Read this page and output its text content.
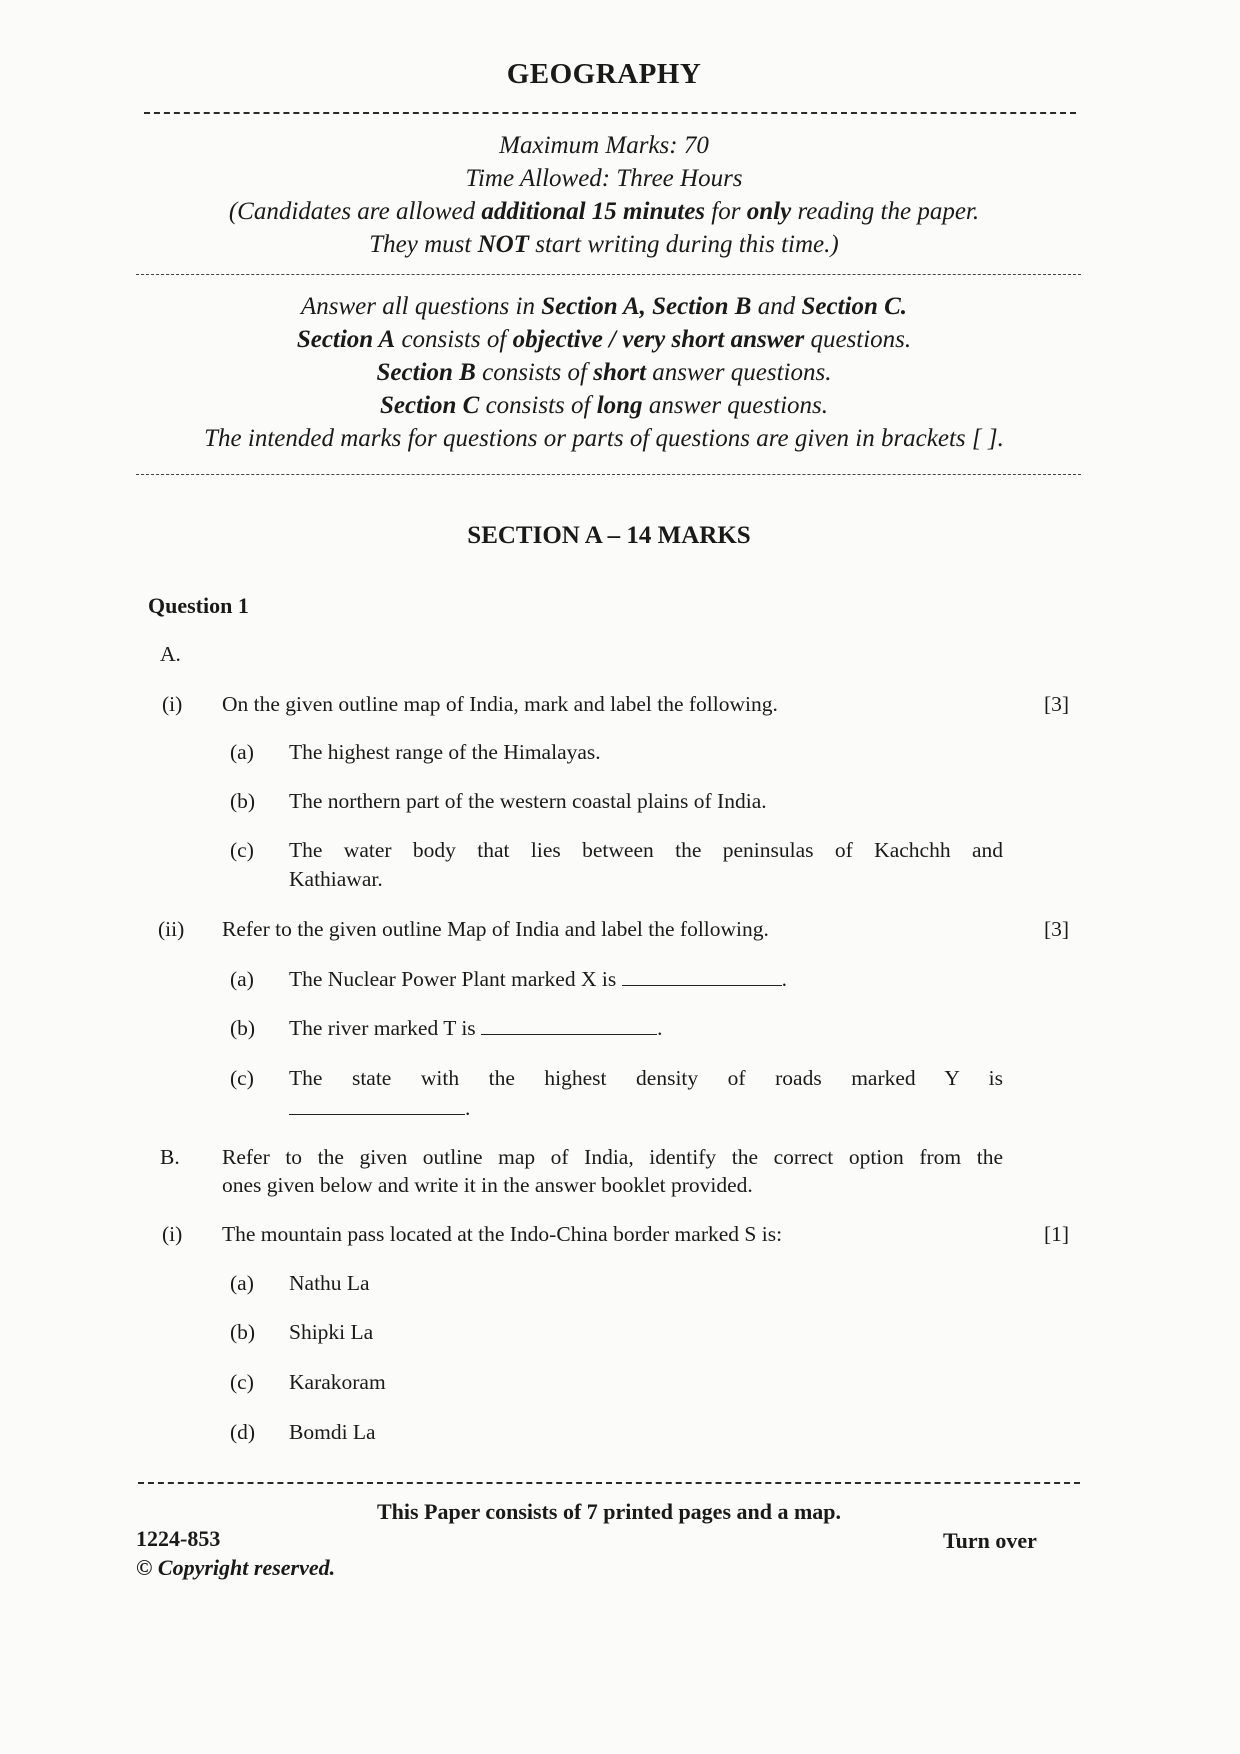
GEOGRAPHY
Maximum Marks: 70
Time Allowed: Three Hours
(Candidates are allowed additional 15 minutes for only reading the paper.
They must NOT start writing during this time.)
Answer all questions in Section A, Section B and Section C.
Section A consists of objective / very short answer questions.
Section B consists of short answer questions.
Section C consists of long answer questions.
The intended marks for questions or parts of questions are given in brackets [ ].
SECTION A – 14 MARKS
Question 1
A.
(i) On the given outline map of India, mark and label the following.	[3]
(a) The highest range of the Himalayas.
(b) The northern part of the western coastal plains of India.
(c) The water body that lies between the peninsulas of Kachchh and
Kathiawar.
(ii) Refer to the given outline Map of India and label the following.	[3]
(a) The Nuclear Power Plant marked X is	.
(b) The river marked T is	.
(c) The state with the highest density of roads marked Y is
.
B. Refer to the given outline map of India, identify the correct option from the
ones given below and write it in the answer booklet provided.
(i) The mountain pass located at the Indo-China border marked S is:	[1]
(a) Nathu La
(b) Shipki La
(c) Karakoram
(d) Bomdi La
This Paper consists of 7 printed pages and a map.
1224-853
© Copyright reserved.
Turn over
